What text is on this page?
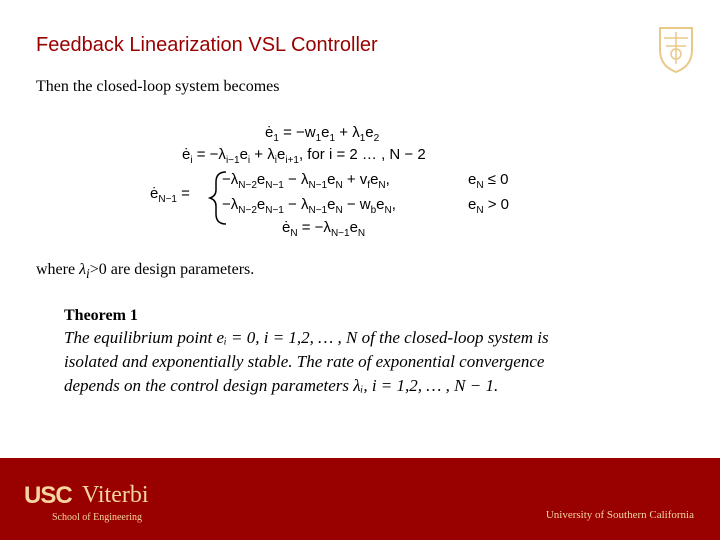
Feedback Linearization VSL Controller
Then the closed-loop system becomes
$ė_1 = -w_1e_1 + \lambda_1e_2$
$ė_i = -\lambda_{i-1}e_i + \lambda_ie_{i+1}$, for i = 2 … , N − 2
$ė_{N-1}$ =
$-\lambda_{N-2}e_{N-1} - \lambda_{N-1}e_N + v_fe_N$,	$e_N \le 0$
$-\lambda_{N-2}e_{N-1} - \lambda_{N-1}e_N - w_be_N$,	$e_N > 0$
$ė_N = -\lambda_{N-1}e_N$
where $\lambda_i>0$ are design parameters.
Theorem 1
The equilibrium point eᵢ = 0, i = 1,2, … , N of the closed-loop system is
isolated and exponentially stable. The rate of exponential convergence
depends on the control design parameters λᵢ, i = 1,2, … , N − 1.
USC Viterbi
School of Engineering	University of Southern California
